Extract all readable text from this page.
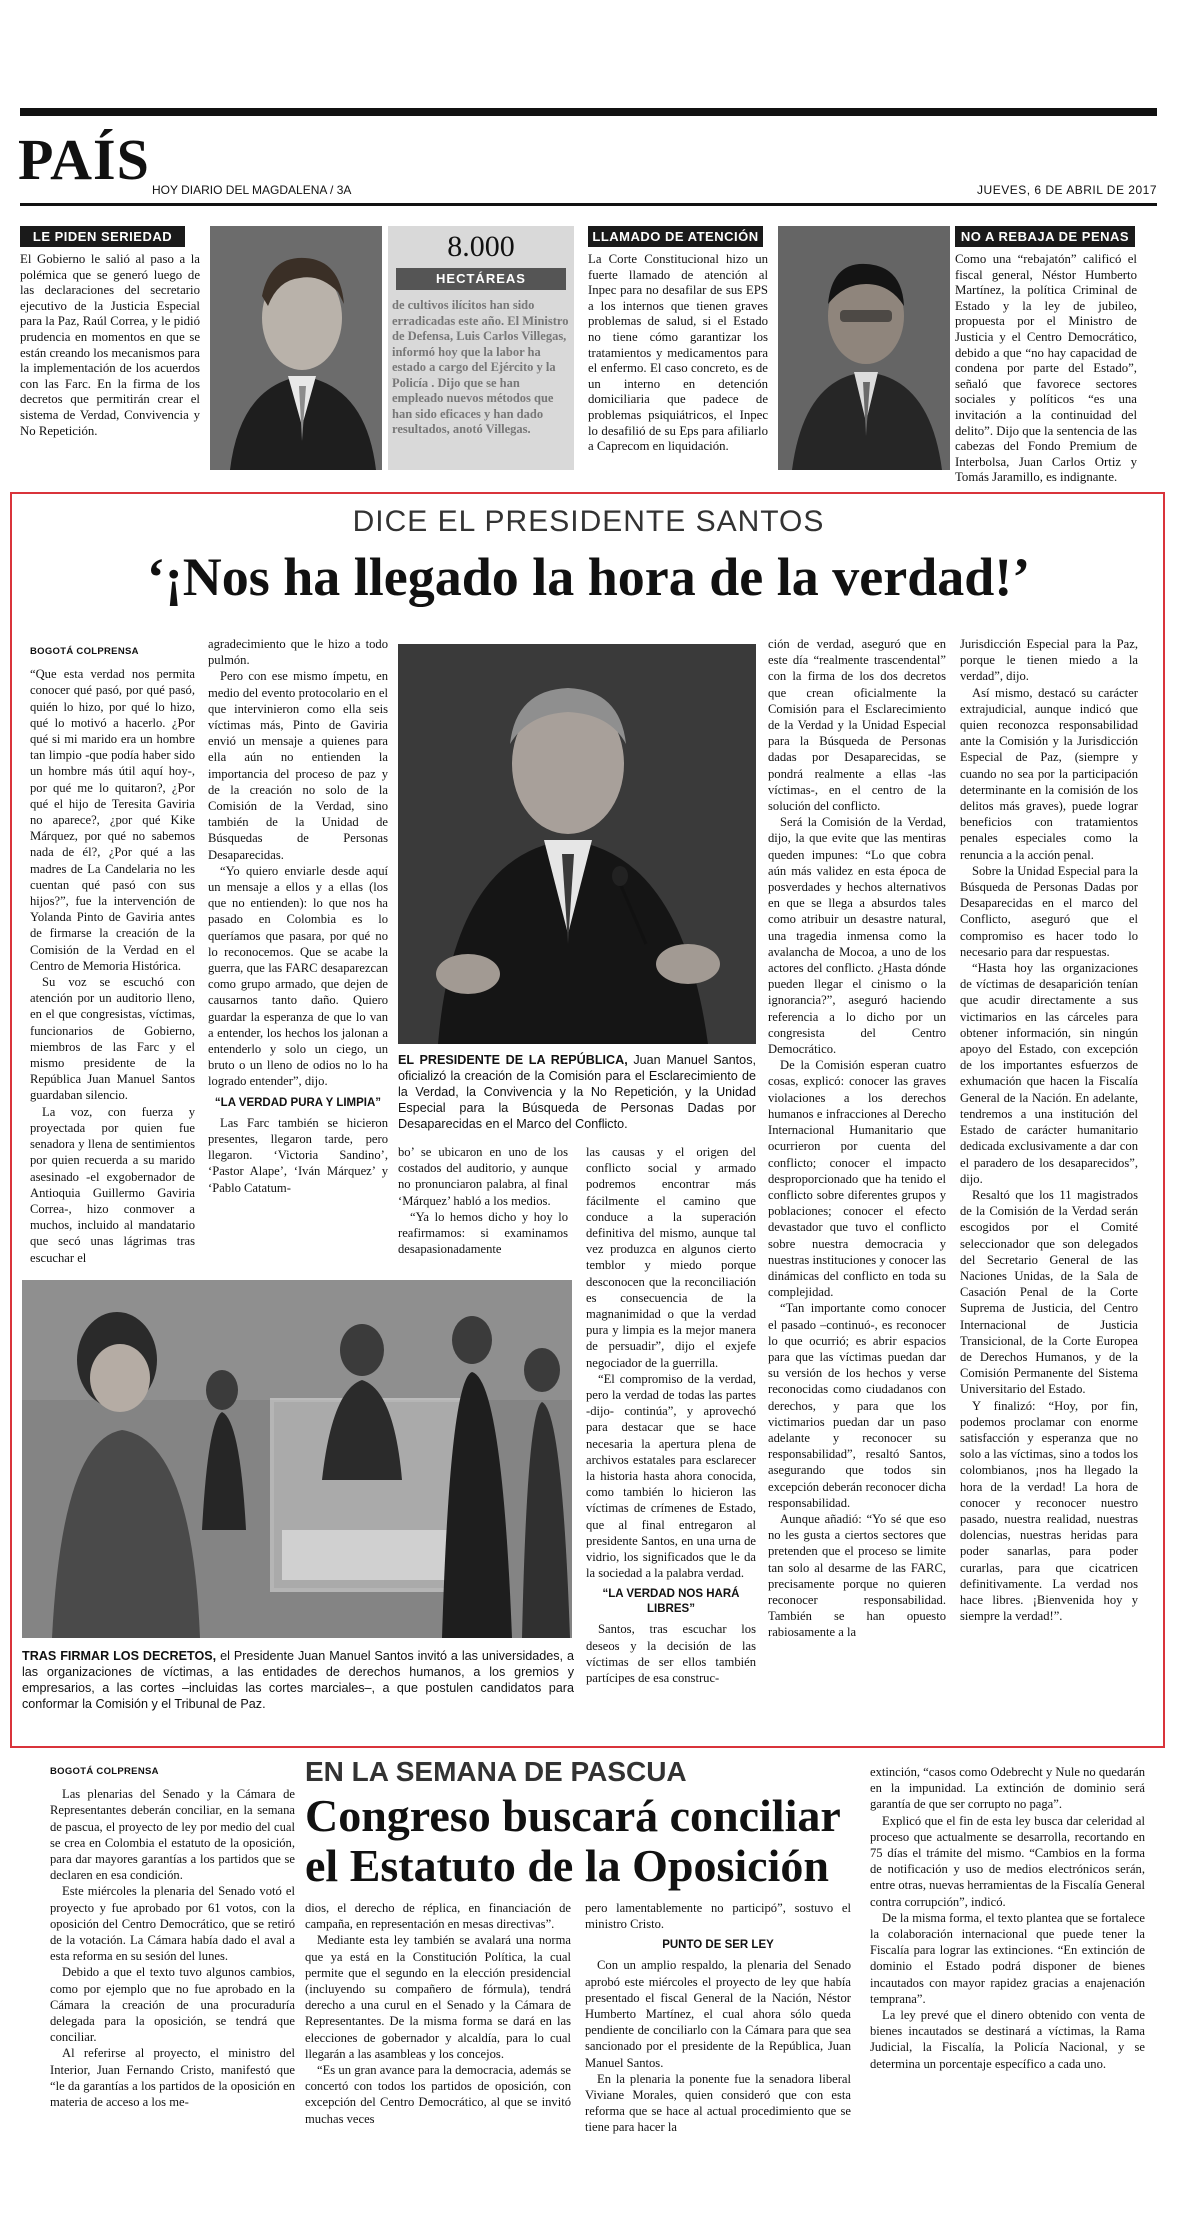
PAÍS HOY DIARIO DEL MAGDALENA / 3A	JUEVES, 6 DE ABRIL DE 2017
LE PIDEN SERIEDAD
El Gobierno le salió al paso a la polémica que se generó luego de las declaraciones del secretario ejecutivo de la Justicia Especial para la Paz, Raúl Correa, y le pidió prudencia en momentos en que se están creando los mecanismos para la implementación de los acuerdos con las Farc. En la firma de los decretos que permitirán crear el sistema de Verdad, Convivencia y No Repetición.
8.000
HECTÁREAS
de cultivos ilícitos han sido erradicadas este año. El Ministro de Defensa, Luis Carlos Villegas, informó hoy que la labor ha estado a cargo del Ejército y la Policía . Dijo que se han empleado nuevos métodos que han sido eficaces y han dado resultados, anotó Villegas.
LLAMADO DE ATENCIÓN
La Corte Constitucional hizo un fuerte llamado de atención al Inpec para no desafilar de sus EPS a los internos que tienen graves problemas de salud, si el Estado no tiene cómo garantizar los tratamientos y medicamentos para el enfermo. El caso concreto, es de un interno en detención domiciliaria que padece de problemas psiquiátricos, el Inpec lo desafilió de su Eps para afiliarlo a Caprecom en liquidación.
NO A REBAJA DE PENAS
Como una “rebajatón” calificó el fiscal general, Néstor Humberto Martínez, la política Criminal de Estado y la ley de jubileo, propuesta por el Ministro de Justicia y el Centro Democrático, debido a que “no hay capacidad de condena por parte del Estado”, señaló que favorece sectores sociales y políticos “es una invitación a la continuidad del delito”. Dijo que la sentencia de las cabezas del Fondo Premium de Interbolsa, Juan Carlos Ortiz y Tomás Jaramillo, es indignante.
DICE EL PRESIDENTE SANTOS
‘¡Nos ha llegado la hora de la verdad!’
BOGOTÁ COLPRENSA

“Que esta verdad nos permita conocer qué pasó, por qué pasó, quién lo hizo, por qué lo hizo, qué lo motivó a hacerlo. ¿Por qué si mi marido era un hombre tan limpio -que podía haber sido un hombre más útil aquí hoy-, por qué me lo quitaron?, ¿Por qué el hijo de Teresita Gaviria no aparece?, ¿por qué Kike Márquez, por qué no sabemos nada de él?, ¿Por qué a las madres de La Candelaria no les cuentan qué pasó con sus hijos?”, fue la intervención de Yolanda Pinto de Gaviria antes de firmarse la creación de la Comisión de la Verdad en el Centro de Memoria Histórica.

Su voz se escuchó con atención por un auditorio lleno, en el que congresistas, víctimas, funcionarios de Gobierno, miembros de las Farc y el mismo presidente de la República Juan Manuel Santos guardaban silencio.

La voz, con fuerza y proyectada por quien fue senadora y llena de sentimientos por quien recuerda a su marido asesinado -el exgobernador de Antioquia Guillermo Gaviria Correa-, hizo conmover a muchos, incluido al mandatario que secó unas lágrimas tras escuchar el

agradecimiento que le hizo a todo pulmón.

Pero con ese mismo ímpetu, en medio del evento protocolario en el que intervinieron como ella seis víctimas más, Pinto de Gaviria envió un mensaje a quienes para ella aún no entienden la importancia del proceso de paz y de la creación no solo de la Comisión de la Verdad, sino también de la Unidad de Búsquedas de Personas Desaparecidas.

“Yo quiero enviarle desde aquí un mensaje a ellos y a ellas (los que no entienden): lo que nos ha pasado en Colombia es lo queríamos que pasara, por qué no lo reconocemos. Que se acabe la guerra, que las FARC desaparezcan como grupo armado, que dejen de causarnos tanto daño. Quiero guardar la esperanza de que lo van a entender, los hechos los jalonan a entenderlo y solo un ciego, un bruto o un lleno de odios no lo ha logrado entender”, dijo.

“LA VERDAD PURA Y LIMPIA”

Las Farc también se hicieron presentes, llegaron tarde, pero llegaron. ‘Victoria Sandino’, ‘Pastor Alape’, ‘Iván Márquez’ y ‘Pablo Catatum-

EL PRESIDENTE DE LA REPÚBLICA, Juan Manuel Santos, oficializó la creación de la Comisión para el Esclarecimiento de la Verdad, la Convivencia y la No Repetición, y la Unidad Especial para la Búsqueda de Personas Dadas por Desaparecidas en el Marco del Conflicto.

bo’ se ubicaron en uno de los costados del auditorio, y aunque no pronunciaron palabra, al final ‘Márquez’ habló a los medios.

“Ya lo hemos dicho y hoy lo reafirmamos: si examinamos desapasionadamente

las causas y el origen del conflicto social y armado podremos encontrar más fácilmente el camino que conduce a la superación definitiva del mismo, aunque tal vez produzca en algunos cierto temblor y miedo porque desconocen que la reconciliación es consecuencia de la magnanimidad o que la verdad pura y limpia es la mejor manera de persuadir”, dijo el exjefe negociador de la guerrilla.

“El compromiso de la verdad, pero la verdad de todas las partes -dijo- continúa”, y aprovechó para destacar que se hace necesaria la apertura plena de archivos estatales para esclarecer la historia hasta ahora conocida, como también lo hicieron las víctimas de crímenes de Estado, que al final entregaron al presidente Santos, en una urna de vidrio, los significados que le da la sociedad a la palabra verdad.

“LA VERDAD NOS HARÁ LIBRES”

Santos, tras escuchar los deseos y la decisión de las víctimas de ser ellos también partícipes de esa construc-

ción de verdad, aseguró que en este día “realmente trascendental” con la firma de los dos decretos que crean oficialmente la Comisión para el Esclarecimiento de la Verdad y la Unidad Especial para la Búsqueda de Personas dadas por Desaparecidas, se pondrá realmente a ellas -las víctimas-, en el centro de la solución del conflicto.

Será la Comisión de la Verdad, dijo, la que evite que las mentiras queden impunes: “Lo que cobra aún más validez en esta época de posverdades y hechos alternativos en que se llega a absurdos tales como atribuir un desastre natural, una tragedia inmensa como la avalancha de Mocoa, a uno de los actores del conflicto. ¿Hasta dónde pueden llegar el cinismo o la ignorancia?”, aseguró haciendo referencia a lo dicho por un congresista del Centro Democrático.

De la Comisión esperan cuatro cosas, explicó: conocer las graves violaciones a los derechos humanos e infracciones al Derecho Internacional Humanitario que ocurrieron por cuenta del conflicto; conocer el impacto desproporcionado que ha tenido el conflicto sobre diferentes grupos y poblaciones; conocer el efecto devastador que tuvo el conflicto sobre nuestra democracia y nuestras instituciones y conocer las dinámicas del conflicto en toda su complejidad.

“Tan importante como conocer el pasado –continuó-, es reconocer lo que ocurrió; es abrir espacios para que las víctimas puedan dar su versión de los hechos y verse reconocidas como ciudadanos con derechos, y para que los victimarios puedan dar un paso adelante y reconocer su responsabilidad”, resaltó Santos, asegurando que todos sin excepción deberán reconocer dicha responsabilidad.

Aunque añadió: “Yo sé que eso no les gusta a ciertos sectores que pretenden que el proceso se limite tan solo al desarme de las FARC, precisamente porque no quieren reconocer responsabilidad. También se han opuesto rabiosamente a la

Jurisdicción Especial para la Paz, porque le tienen miedo a la verdad”, dijo.

Así mismo, destacó su carácter extrajudicial, aunque indicó que quien reconozca responsabilidad ante la Comisión y la Jurisdicción Especial de Paz, (siempre y cuando no sea por la participación determinante en la comisión de los delitos más graves), puede lograr beneficios con tratamientos penales especiales como la renuncia a la acción penal.

Sobre la Unidad Especial para la Búsqueda de Personas Dadas por Desaparecidas en el marco del Conflicto, aseguró que el compromiso es hacer todo lo necesario para dar respuestas.

“Hasta hoy las organizaciones de víctimas de desaparición tenían que acudir directamente a sus victimarios en las cárceles para obtener información, sin ningún apoyo del Estado, con excepción de los importantes esfuerzos de exhumación que hacen la Fiscalía General de la Nación. En adelante, tendremos a una institución del Estado de carácter humanitario dedicada exclusivamente a dar con el paradero de los desaparecidos”, dijo.

Resaltó que los 11 magistrados de la Comisión de la Verdad serán escogidos por el Comité seleccionador que son delegados del Secretario General de las Naciones Unidas, de la Sala de Casación Penal de la Corte Suprema de Justicia, del Centro Internacional de Justicia Transicional, de la Corte Europea de Derechos Humanos, y de la Comisión Permanente del Sistema Universitario del Estado.

Y finalizó: “Hoy, por fin, podemos proclamar con enorme satisfacción y esperanza que no solo a las víctimas, sino a todos los colombianos, ¡nos ha llegado la hora de la verdad! La hora de conocer y reconocer nuestro pasado, nuestra realidad, nuestras dolencias, nuestras heridas para poder sanarlas, para poder curarlas, para que cicatricen definitivamente. La verdad nos hace libres. ¡Bienvenida hoy y siempre la verdad!”.

TRAS FIRMAR LOS DECRETOS, el Presidente Juan Manuel Santos invitó a las universidades, a las organizaciones de víctimas, a las entidades de derechos humanos, a los gremios y empresarios, a las cortes –incluidas las cortes marciales–, a que postulen candidatos para conformar la Comisión y el Tribunal de Paz.
EN LA SEMANA DE PASCUA
Congreso buscará conciliar
el Estatuto de la Oposición
BOGOTÁ COLPRENSA

Las plenarias del Senado y la Cámara de Representantes deberán conciliar, en la semana de pascua, el proyecto de ley por medio del cual se crea en Colombia el estatuto de la oposición, para dar mayores garantías a los partidos que se declaren en esa condición.

Este miércoles la plenaria del Senado votó el proyecto y fue aprobado por 61 votos, con la oposición del Centro Democrático, que se retiró de la votación. La Cámara había dado el aval a esta reforma en su sesión del lunes.

Debido a que el texto tuvo algunos cambios, como por ejemplo que no fue aprobado en la Cámara la creación de una procuraduría delegada para la oposición, se tendrá que conciliar.

Al referirse al proyecto, el ministro del Interior, Juan Fernando Cristo, manifestó que “le da garantías a los partidos de la oposición en materia de acceso a los me-

dios, el derecho de réplica, en financiación de campaña, en representación en mesas directivas”.

Mediante esta ley también se avalará una norma que ya está en la Constitución Política, la cual permite que el segundo en la elección presidencial (incluyendo su compañero de fórmula), tendrá derecho a una curul en el Senado y la Cámara de Representantes. De la misma forma se dará en las elecciones de gobernador y alcaldía, para lo cual llegarán a las asambleas y los concejos.

“Es un gran avance para la democracia, además se concertó con todos los partidos de oposición, con excepción del Centro Democrático, al que se invitó muchas veces

pero lamentablemente no participó”, sostuvo el ministro Cristo.

PUNTO DE SER LEY

Con un amplio respaldo, la plenaria del Senado aprobó este miércoles el proyecto de ley que había presentado el fiscal General de la Nación, Néstor Humberto Martínez, el cual ahora sólo queda pendiente de conciliarlo con la Cámara para que sea sancionado por el presidente de la República, Juan Manuel Santos.

En la plenaria la ponente fue la senadora liberal Viviane Morales, quien consideró que con esta reforma que se hace al actual procedimiento que se tiene para hacer la

extinción, “casos como Odebrecht y Nule no quedarán en la impunidad. La extinción de dominio será garantía de que ser corrupto no paga”.

Explicó que el fin de esta ley busca dar celeridad al proceso que actualmente se desarrolla, recortando en 75 días el trámite del mismo. “Cambios en la forma de notificación y uso de medios electrónicos serán, entre otras, nuevas herramientas de la Fiscalía General contra corrupción”, indicó.

De la misma forma, el texto plantea que se fortalece la colaboración internacional que puede tener la Fiscalía para lograr las extinciones. “En extinción de dominio el Estado podrá disponer de bienes incautados con mayor rapidez gracias a enajenación temprana”.

La ley prevé que el dinero obtenido con venta de bienes incautados se destinará a víctimas, la Rama Judicial, la Fiscalía, la Policía Nacional, y se determina un porcentaje específico a cada uno.
